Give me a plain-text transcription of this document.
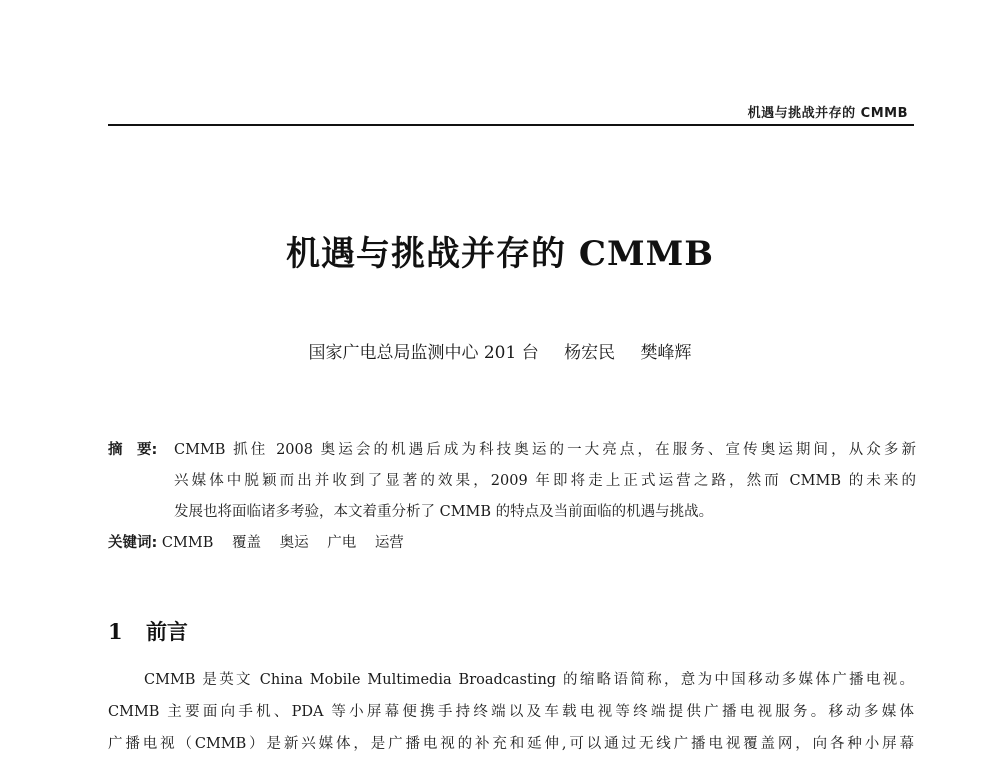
机遇与挑战并存的 CMMB
机遇与挑战并存的 CMMB
国家广电总局监测中心 201 台 杨宏民 樊峰辉
摘　要:	CMMB 抓住 2008 奥运会的机遇后成为科技奥运的一大亮点，在服务、宣传奥运期间，从众多新
兴媒体中脱颖而出并收到了显著的效果，2009 年即将走上正式运营之路，然而 CMMB 的未来的
发展也将面临诸多考验，本文着重分析了 CMMB 的特点及当前面临的机遇与挑战。
关键词: CMMB 覆盖 奥运 广电 运营
1 前言
CMMB 是英文 China Mobile Multimedia Broadcasting 的缩略语简称，意为中国移动多媒体广播电视。
CMMB 主要面向手机、PDA 等小屏幕便携手持终端以及车载电视等终端提供广播电视服务。移动多媒体
广播电视（CMMB）是新兴媒体，是广播电视的补充和延伸,可以通过无线广播电视覆盖网，向各种小屏幕
